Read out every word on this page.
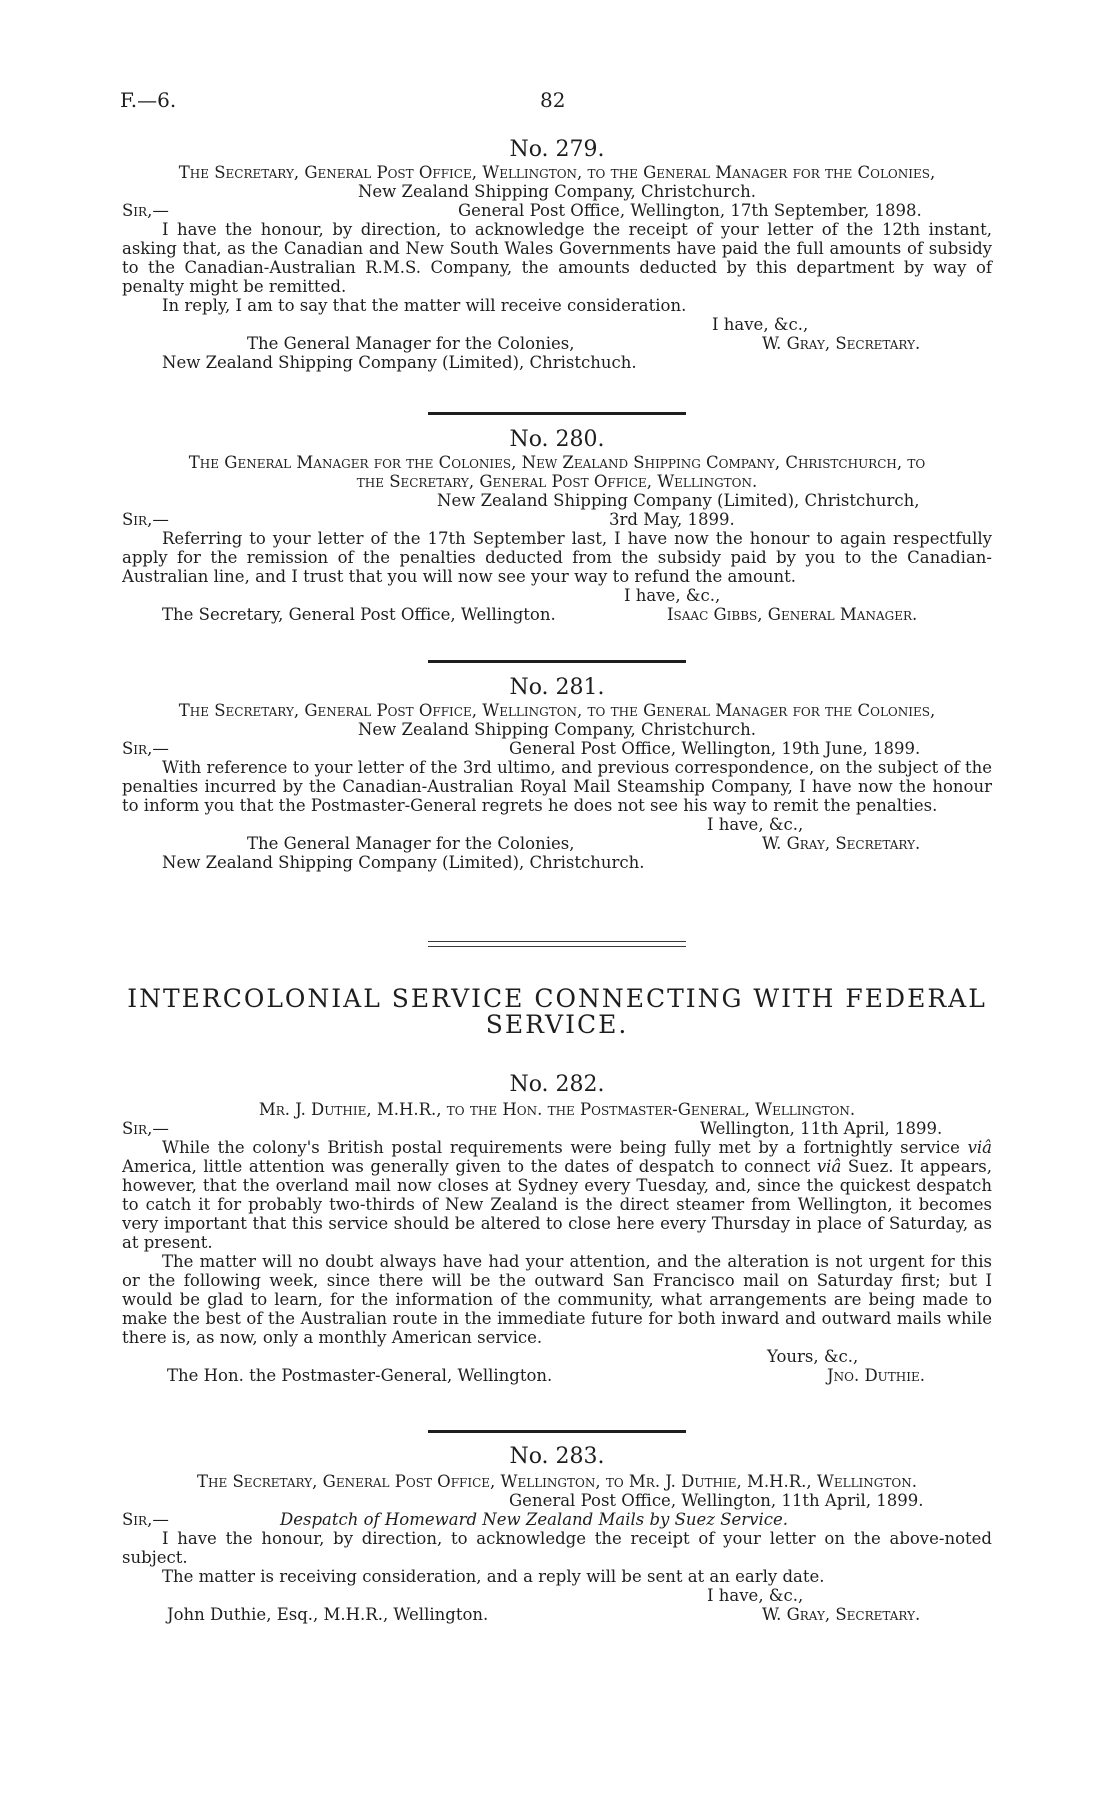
F.—6.	82

No. 279.

The Secretary, General Post Office, Wellington, to the General Manager for the Colonies,
New Zealand Shipping Company, Christchurch.
Sir,—	General Post Office, Wellington, 17th September, 1898.

I have the honour, by direction, to acknowledge the receipt of your letter of the 12th instant, asking that, as the Canadian and New South Wales Governments have paid the full amounts of subsidy to the Canadian-Australian R.M.S. Company, the amounts deducted by this department by way of penalty might be remitted.

In reply, I am to say that the matter will receive consideration.

I have, &c.,
The General Manager for the Colonies,	W. Gray, Secretary.
New Zealand Shipping Company (Limited), Christchuch.

No. 280.

The General Manager for the Colonies, New Zealand Shipping Company, Christchurch, to
the Secretary, General Post Office, Wellington.
New Zealand Shipping Company (Limited), Christchurch,
Sir,—	3rd May, 1899.

Referring to your letter of the 17th September last, I have now the honour to again respectfully apply for the remission of the penalties deducted from the subsidy paid by you to the Canadian-Australian line, and I trust that you will now see your way to refund the amount.

I have, &c.,
The Secretary, General Post Office, Wellington.	Isaac Gibbs, General Manager.

No. 281.

The Secretary, General Post Office, Wellington, to the General Manager for the Colonies,
New Zealand Shipping Company, Christchurch.
Sir,—	General Post Office, Wellington, 19th June, 1899.

With reference to your letter of the 3rd ultimo, and previous correspondence, on the subject of the penalties incurred by the Canadian-Australian Royal Mail Steamship Company, I have now the honour to inform you that the Postmaster-General regrets he does not see his way to remit the penalties.

I have, &c.,
The General Manager for the Colonies,	W. Gray, Secretary.
New Zealand Shipping Company (Limited), Christchurch.
INTERCOLONIAL SERVICE CONNECTING WITH FEDERAL
SERVICE.

No. 282.

Mr. J. Duthie, M.H.R., to the Hon. the Postmaster-General, Wellington.
Sir,—	Wellington, 11th April, 1899.

While the colony's British postal requirements were being fully met by a fortnightly service viâ America, little attention was generally given to the dates of despatch to connect viâ Suez. It appears, however, that the overland mail now closes at Sydney every Tuesday, and, since the quickest despatch to catch it for probably two-thirds of New Zealand is the direct steamer from Wellington, it becomes very important that this service should be altered to close here every Thursday in place of Saturday, as at present.

The matter will no doubt always have had your attention, and the alteration is not urgent for this or the following week, since there will be the outward San Francisco mail on Saturday first; but I would be glad to learn, for the information of the community, what arrangements are being made to make the best of the Australian route in the immediate future for both inward and outward mails while there is, as now, only a monthly American service.

Yours, &c.,
The Hon. the Postmaster-General, Wellington.	Jno. Duthie.

No. 283.

The Secretary, General Post Office, Wellington, to Mr. J. Duthie, M.H.R., Wellington.
General Post Office, Wellington, 11th April, 1899.
Sir,—	Despatch of Homeward New Zealand Mails by Suez Service.

I have the honour, by direction, to acknowledge the receipt of your letter on the above-noted subject.

The matter is receiving consideration, and a reply will be sent at an early date.

I have, &c.,
John Duthie, Esq., M.H.R., Wellington.	W. Gray, Secretary.
